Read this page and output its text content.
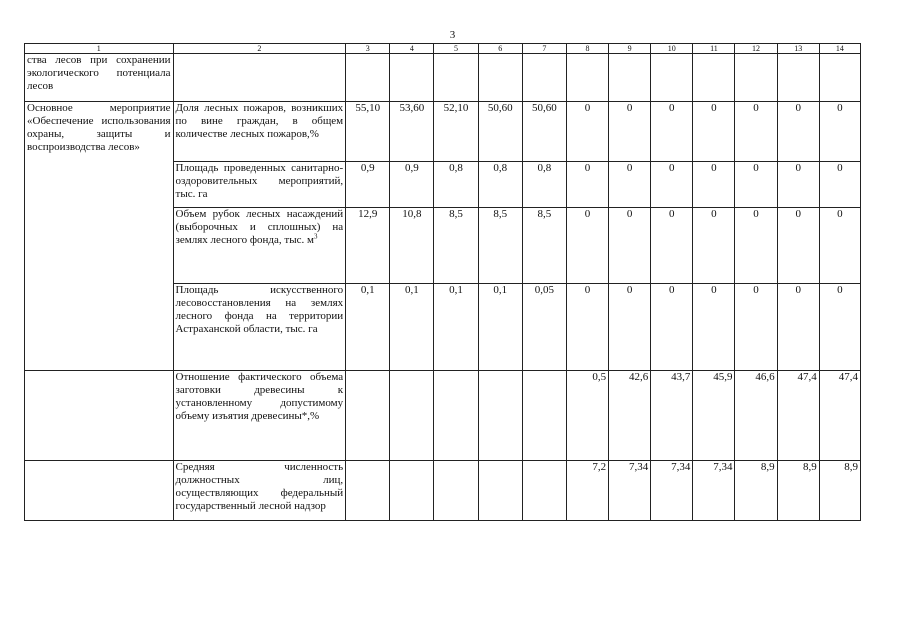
3
1	2	3	4	5	6	7	8	9	10	11	12	13	14
ства лесов при сохранении экологического потенциала лесов													
Основное мероприятие «Обеспечение использования охраны, защиты и воспроизводства лесов»	Доля лесных пожаров, возникших по вине граждан, в общем количестве лесных пожаров,%	55,10	53,60	52,10	50,60	50,60	0	0	0	0	0	0	0
	Площадь проведенных санитарно-оздоровительных мероприятий, тыс. га	0,9	0,9	0,8	0,8	0,8	0	0	0	0	0	0	0
	Объем рубок лесных насаждений (выборочных и сплошных) на землях лесного фонда, тыс. $м^3$	12,9	10,8	8,5	8,5	8,5	0	0	0	0	0	0	0
	Площадь искусственного лесовосстановления на землях лесного фонда на территории Астраханской области, тыс. га	0,1	0,1	0,1	0,1	0,05	0	0	0	0	0	0	0
	Отношение фактического объема заготовки древесины к установленному допустимому объему изъятия древесины*,%						0,5	42,6	43,7	45,9	46,6	47,4	47,4
	Средняя численность должностных лиц, осуществляющих федеральный государственный лесной надзор						7,2	7,34	7,34	7,34	8,9	8,9	8,9
